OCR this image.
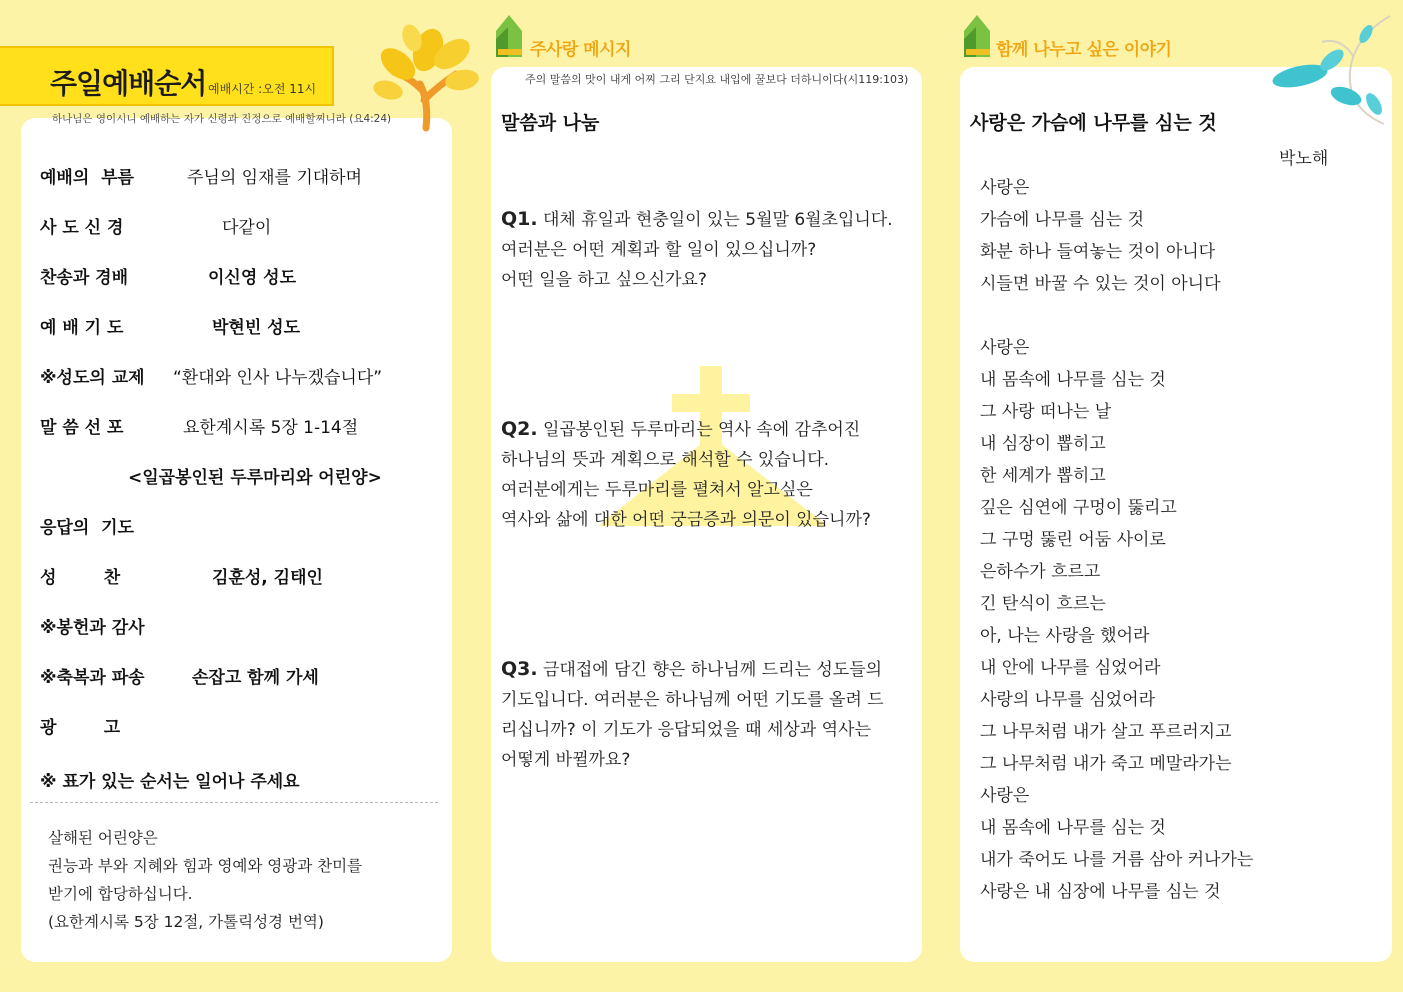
주일예배순서 예배시간 :오전 11시
하나님은 영이시니 예배하는 자가 신령과 진정으로 예배할찌니라 (요4:24)
주사랑 메시지
주의 말씀의 맛이 내게 어찌 그리 단지요 내입에 꿀보다 더하니이다(시119:103)
함께 나누고 싶은 이야기
예배의  부름	주님의 임재를 기대하며
사 도 신 경	다같이
찬송과 경배	이신영 성도
예 배 기 도	박현빈 성도
※성도의 교제 “환대와 인사 나누겠습니다”
말 씀 선 포	요한계시록 5장 1-14절
<일곱봉인된 두루마리와 어린양>
응답의  기도
성        찬	김훈성, 김태인
※봉헌과 감사
※축복과 파송	손잡고 함께 가세
광        고
※ 표가 있는 순서는 일어나 주세요
살해된 어린양은
권능과 부와 지혜와 힘과 영예와 영광과 찬미를
받기에 합당하십니다.
(요한계시록 5장 12절, 가톨릭성경 번역)
말씀과 나눔
Q1. 대체 휴일과 현충일이 있는 5월말 6월초입니다.
여러분은 어떤 계획과 할 일이 있으십니까?
어떤 일을 하고 싶으신가요?
Q2. 일곱봉인된 두루마리는 역사 속에 감추어진
하나님의 뜻과 계획으로 해석할 수 있습니다.
여러분에게는 두루마리를 펼쳐서 알고싶은
역사와 삶에 대한 어떤 궁금증과 의문이 있습니까?
Q3. 금대접에 담긴 향은 하나님께 드리는 성도들의
기도입니다. 여러분은 하나님께 어떤 기도를 올려 드
리십니까? 이 기도가 응답되었을 때 세상과 역사는
어떻게 바뀔까요?
사랑은 가슴에 나무를 심는 것
박노해
사랑은
가슴에 나무를 심는 것
화분 하나 들여놓는 것이 아니다
시들면 바꿀 수 있는 것이 아니다
사랑은
내 몸속에 나무를 심는 것
그 사랑 떠나는 날
내 심장이 뽑히고
한 세계가 뽑히고
깊은 심연에 구멍이 뚫리고
그 구멍 뚫린 어둠 사이로
은하수가 흐르고
긴 탄식이 흐르는
아, 나는 사랑을 했어라
내 안에 나무를 심었어라
사랑의 나무를 심었어라
그 나무처럼 내가 살고 푸르러지고
그 나무처럼 내가 죽고 메말라가는
사랑은
내 몸속에 나무를 심는 것
내가 죽어도 나를 거름 삼아 커나가는
사랑은 내 심장에 나무를 심는 것
